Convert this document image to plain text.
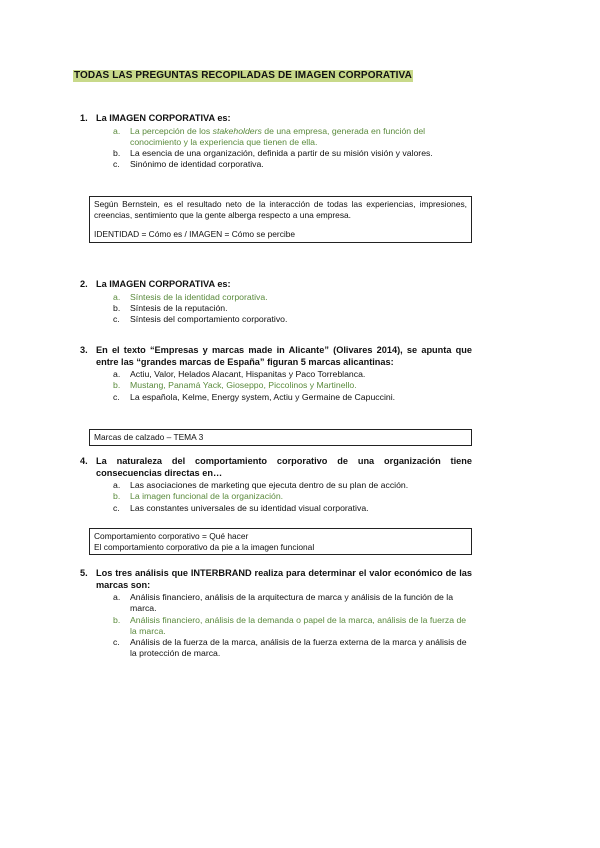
TODAS LAS PREGUNTAS RECOPILADAS DE IMAGEN CORPORATIVA
1. La IMAGEN CORPORATIVA es:
a.	La percepción de los stakeholders de una empresa, generada en función del conocimiento y la experiencia que tienen de ella.
b.	La esencia de una organización, definida a partir de su misión visión y valores.
c.	Sinónimo de identidad corporativa.

Según Bernstein, es el resultado neto de la interacción de todas las experiencias, impresiones, creencias, sentimiento que la gente alberga respecto a una empresa.

IDENTIDAD = Cómo es / IMAGEN = Cómo se percibe

2. La IMAGEN CORPORATIVA es:
a.	Síntesis de la identidad corporativa.
b.	Síntesis de la reputación.
c.	Síntesis del comportamiento corporativo.
3. En el texto “Empresas y marcas made in Alicante” (Olivares 2014), se apunta que entre las “grandes marcas de España” figuran 5 marcas alicantinas:
a.	Actiu, Valor, Helados Alacant, Hispanitas y Paco Torreblanca.
b.	Mustang, Panamá Yack, Gioseppo, Piccolinos y Martinello.
c.	La española, Kelme, Energy system, Actiu y Germaine de Capuccini.

Marcas de calzado – TEMA 3

4. La naturaleza del comportamiento corporativo de una organización tiene consecuencias directas en…
a.	Las asociaciones de marketing que ejecuta dentro de su plan de acción.
b.	La imagen funcional de la organización.
c.	Las constantes universales de su identidad visual corporativa.

Comportamiento corporativo = Qué hacer

El comportamiento corporativo da pie a la imagen funcional

5. Los tres análisis que INTERBRAND realiza para determinar el valor económico de las marcas son:
a.	Análisis financiero, análisis de la arquitectura de marca y análisis de la función de la marca.
b.	Análisis financiero, análisis de la demanda o papel de la marca, análisis de la fuerza de la marca.
c.	Análisis de la fuerza de la marca, análisis de la fuerza externa de la marca y análisis de la protección de marca.
